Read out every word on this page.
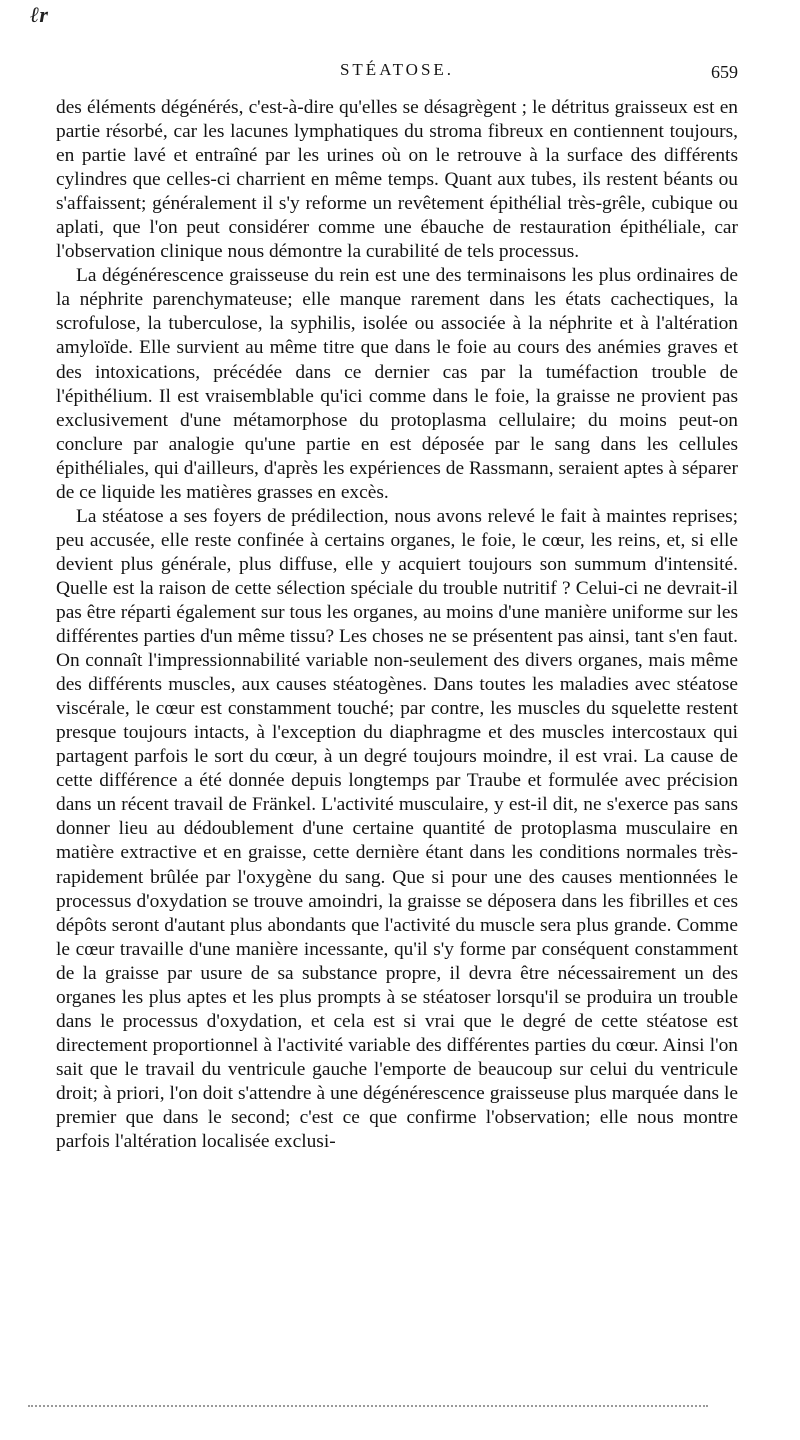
ℓr
STÉATOSE.	659

des éléments dégénérés, c'est-à-dire qu'elles se désagrègent ; le détritus graisseux est en partie résorbé, car les lacunes lymphatiques du stroma fibreux en contiennent toujours, en partie lavé et entraîné par les urines où on le retrouve à la surface des différents cylindres que celles-ci charrient en même temps. Quant aux tubes, ils restent béants ou s'affaissent; généralement il s'y reforme un revêtement épithélial très-grêle, cubique ou aplati, que l'on peut considérer comme une ébauche de restauration épithéliale, car l'observation clinique nous démontre la curabilité de tels processus.

La dégénérescence graisseuse du rein est une des terminaisons les plus ordinaires de la néphrite parenchymateuse; elle manque rarement dans les états cachectiques, la scrofulose, la tuberculose, la syphilis, isolée ou associée à la néphrite et à l'altération amyloïde. Elle survient au même titre que dans le foie au cours des anémies graves et des intoxications, précédée dans ce dernier cas par la tuméfaction trouble de l'épithélium. Il est vraisemblable qu'ici comme dans le foie, la graisse ne provient pas exclusivement d'une métamorphose du protoplasma cellulaire; du moins peut-on conclure par analogie qu'une partie en est déposée par le sang dans les cellules épithéliales, qui d'ailleurs, d'après les expériences de Rassmann, seraient aptes à séparer de ce liquide les matières grasses en excès.

La stéatose a ses foyers de prédilection, nous avons relevé le fait à maintes reprises; peu accusée, elle reste confinée à certains organes, le foie, le cœur, les reins, et, si elle devient plus générale, plus diffuse, elle y acquiert toujours son summum d'intensité. Quelle est la raison de cette sélection spéciale du trouble nutritif ? Celui-ci ne devrait-il pas être réparti également sur tous les organes, au moins d'une manière uniforme sur les différentes parties d'un même tissu? Les choses ne se présentent pas ainsi, tant s'en faut. On connaît l'impressionnabilité variable non-seulement des divers organes, mais même des différents muscles, aux causes stéatogènes. Dans toutes les maladies avec stéatose viscérale, le cœur est constamment touché; par contre, les muscles du squelette restent presque toujours intacts, à l'exception du diaphragme et des muscles intercostaux qui partagent parfois le sort du cœur, à un degré toujours moindre, il est vrai. La cause de cette différence a été donnée depuis longtemps par Traube et formulée avec précision dans un récent travail de Fränkel. L'activité musculaire, y est-il dit, ne s'exerce pas sans donner lieu au dédoublement d'une certaine quantité de protoplasma musculaire en matière extractive et en graisse, cette dernière étant dans les conditions normales très-rapidement brûlée par l'oxygène du sang. Que si pour une des causes mentionnées le processus d'oxydation se trouve amoindri, la graisse se déposera dans les fibrilles et ces dépôts seront d'autant plus abondants que l'activité du muscle sera plus grande. Comme le cœur travaille d'une manière incessante, qu'il s'y forme par conséquent constamment de la graisse par usure de sa substance propre, il devra être nécessairement un des organes les plus aptes et les plus prompts à se stéatoser lorsqu'il se produira un trouble dans le processus d'oxydation, et cela est si vrai que le degré de cette stéatose est directement proportionnel à l'activité variable des différentes parties du cœur. Ainsi l'on sait que le travail du ventricule gauche l'emporte de beaucoup sur celui du ventricule droit; à priori, l'on doit s'attendre à une dégénérescence graisseuse plus marquée dans le premier que dans le second; c'est ce que confirme l'observation; elle nous montre parfois l'altération localisée exclusi-
